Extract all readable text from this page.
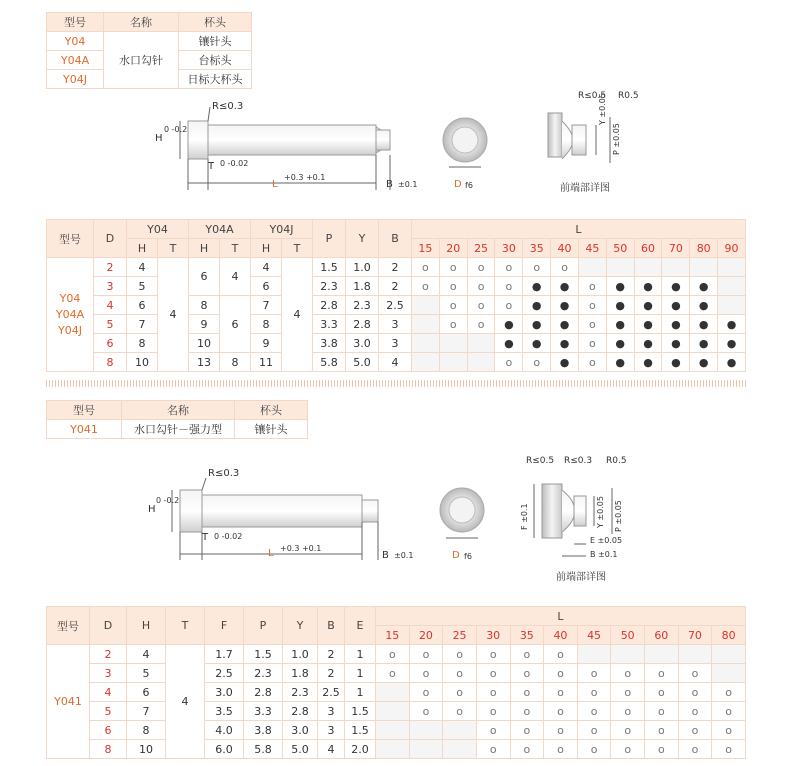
型号	名称	杯头
Y04	水口勾针	镶针头
Y04A		台标头
Y04J		日标大杯头
R≤0.3
H
0 -0.2
T 0 -0.02
L
+0.3 +0.1
B ±0.1	D f6
R≤0.5 R0.5
Y ±0.05
P ±0.05
前端部详图
型号	D	Y04		Y04A		Y04J		P	Y	B	L											
		H	T	H	T	H	T				15	20	25	30	35	40	45	50	60	70	80	90
Y04
Y04A
Y04J	2	4	4	6	4	4	4	1.5	1.0	2	o	o	o	o	o	o						
	3	5				6		2.3	1.8	2	o	o	o	o	●	●	o	●	●	●	●	
	4	6		8	6	7		2.8	2.3	2.5		o	o	o	●	●	o	●	●	●	●	
	5	7		9		8		3.3	2.8	3		o	o	●	●	●	o	●	●	●	●	●
	6	8		10		9		3.8	3.0	3				●	●	●	o	●	●	●	●	●
	8	10		13	8	11		5.8	5.0	4				o	o	●	o	●	●	●	●	●
型号	名称	杯头
Y041	水口勾针－强力型	镶针头
R≤0.3
H
0 -0.2
T 0 -0.02
L +0.3 +0.1
B ±0.1	D f6
R≤0.5 R≤0.3 R0.5
F ±0.1	Y ±0.05 P ±0.05
E ±0.05
B ±0.1
前端部详图
型号	D	H	T	F	P	Y	B	E	L										
									15	20	25	30	35	40	45	50	60	70	80
Y041	2	4	4	1.7	1.5	1.0	2	1	o	o	o	o	o	o					
	3	5		2.5	2.3	1.8	2	1	o	o	o	o	o	o	o	o	o	o	
	4	6		3.0	2.8	2.3	2.5	1		o	o	o	o	o	o	o	o	o	o
	5	7		3.5	3.3	2.8	3	1.5		o	o	o	o	o	o	o	o	o	o
	6	8		4.0	3.8	3.0	3	1.5				o	o	o	o	o	o	o	o
	8	10		6.0	5.8	5.0	4	2.0				o	o	o	o	o	o	o	o
